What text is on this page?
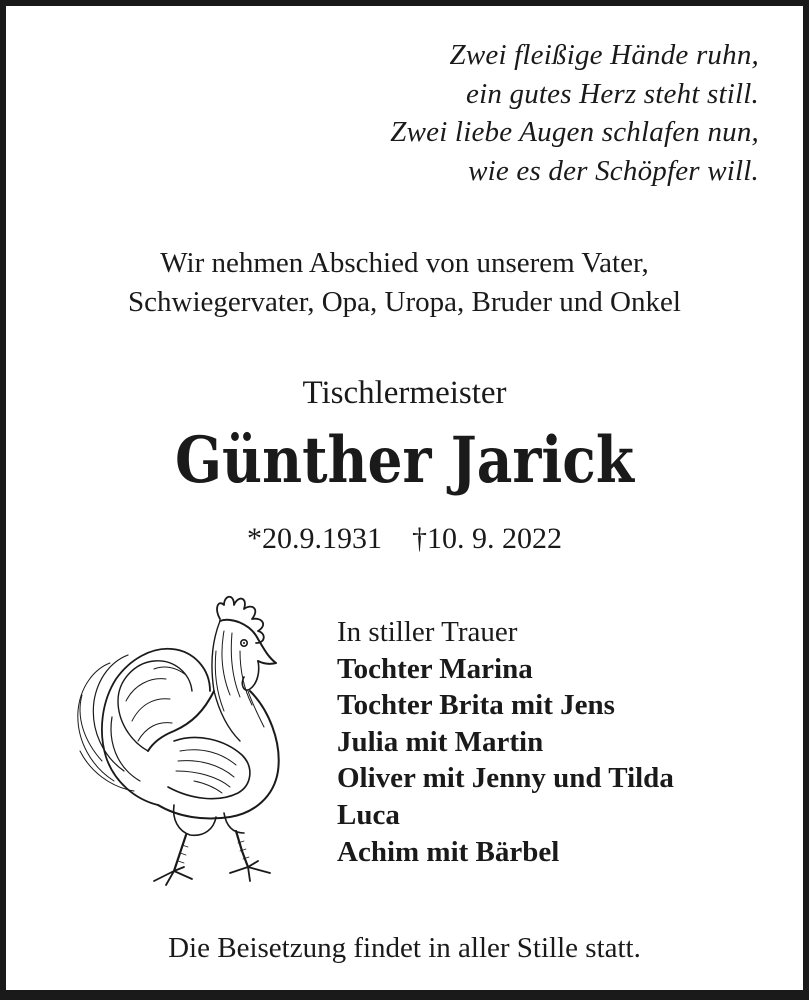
Zwei fleißige Hände ruhn,
ein gutes Herz steht still.
Zwei liebe Augen schlafen nun,
wie es der Schöpfer will.
Wir nehmen Abschied von unserem Vater,
Schwiegervater, Opa, Uropa, Bruder und Onkel
Tischlermeister
Günther Jarick
*20.9.1931 †10. 9. 2022
In stiller Trauer
Tochter Marina
Tochter Brita mit Jens
Julia mit Martin
Oliver mit Jenny und Tilda
Luca
Achim mit Bärbel
Die Beisetzung findet in aller Stille statt.
